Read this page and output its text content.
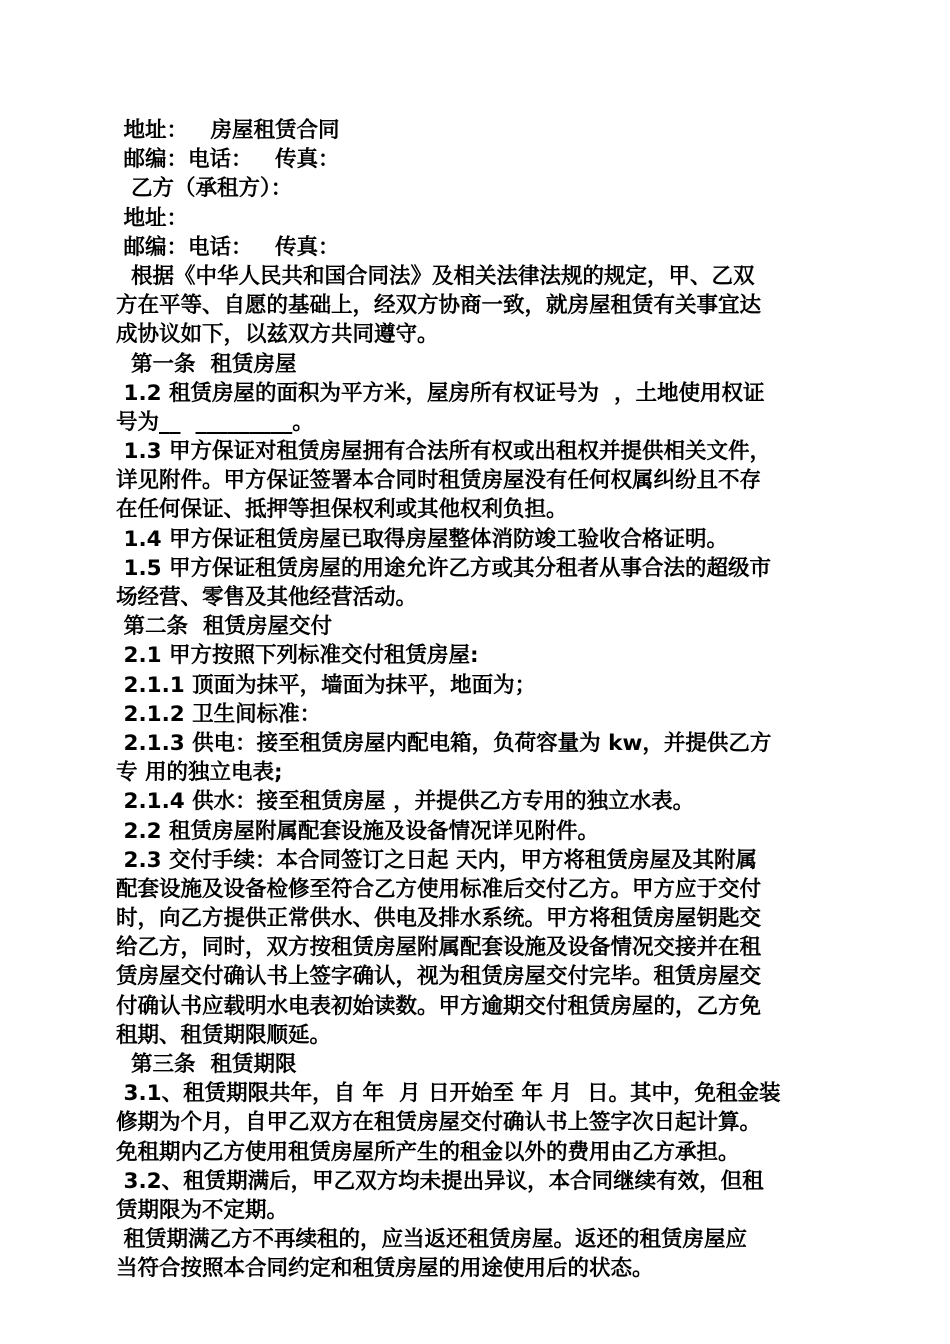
地址：   房屋租赁合同
邮编：电话：   传真：
乙方（承租方）：
地址：
邮编：电话：   传真：
根据《中华人民共和国合同法》及相关法律法规的规定，甲、乙双
方在平等、自愿的基础上，经双方协商一致，就房屋租赁有关事宜达
成协议如下，以兹双方共同遵守。
第一条  租赁房屋
1.2 租赁房屋的面积为平方米，屋房所有权证号为  ，土地使用权证
号为__  _________。
1.3 甲方保证对租赁房屋拥有合法所有权或出租权并提供相关文件，
详见附件。甲方保证签署本合同时租赁房屋没有任何权属纠纷且不存
在任何保证、抵押等担保权利或其他权利负担。
1.4 甲方保证租赁房屋已取得房屋整体消防竣工验收合格证明。
1.5 甲方保证租赁房屋的用途允许乙方或其分租者从事合法的超级市
场经营、零售及其他经营活动。
第二条  租赁房屋交付
2.1 甲方按照下列标准交付租赁房屋:
2.1.1 顶面为抹平，墙面为抹平，地面为；
2.1.2 卫生间标准：
2.1.3 供电：接至租赁房屋内配电箱，负荷容量为 kw，并提供乙方
专 用的独立电表;
2.1.4 供水：接至租赁房屋 ，并提供乙方专用的独立水表。
2.2 租赁房屋附属配套设施及设备情况详见附件。
2.3 交付手续：本合同签订之日起 天内，甲方将租赁房屋及其附属
配套设施及设备检修至符合乙方使用标准后交付乙方。甲方应于交付
时，向乙方提供正常供水、供电及排水系统。甲方将租赁房屋钥匙交
给乙方，同时，双方按租赁房屋附属配套设施及设备情况交接并在租
赁房屋交付确认书上签字确认，视为租赁房屋交付完毕。租赁房屋交
付确认书应载明水电表初始读数。甲方逾期交付租赁房屋的，乙方免
租期、租赁期限顺延。
第三条  租赁期限
3.1、租赁期限共年，自 年  月 日开始至 年 月  日。其中，免租金装
修期为个月，自甲乙双方在租赁房屋交付确认书上签字次日起计算。
免租期内乙方使用租赁房屋所产生的租金以外的费用由乙方承担。
3.2、租赁期满后，甲乙双方均未提出异议，本合同继续有效，但租
赁期限为不定期。
租赁期满乙方不再续租的，应当返还租赁房屋。返还的租赁房屋应
当符合按照本合同约定和租赁房屋的用途使用后的状态。
